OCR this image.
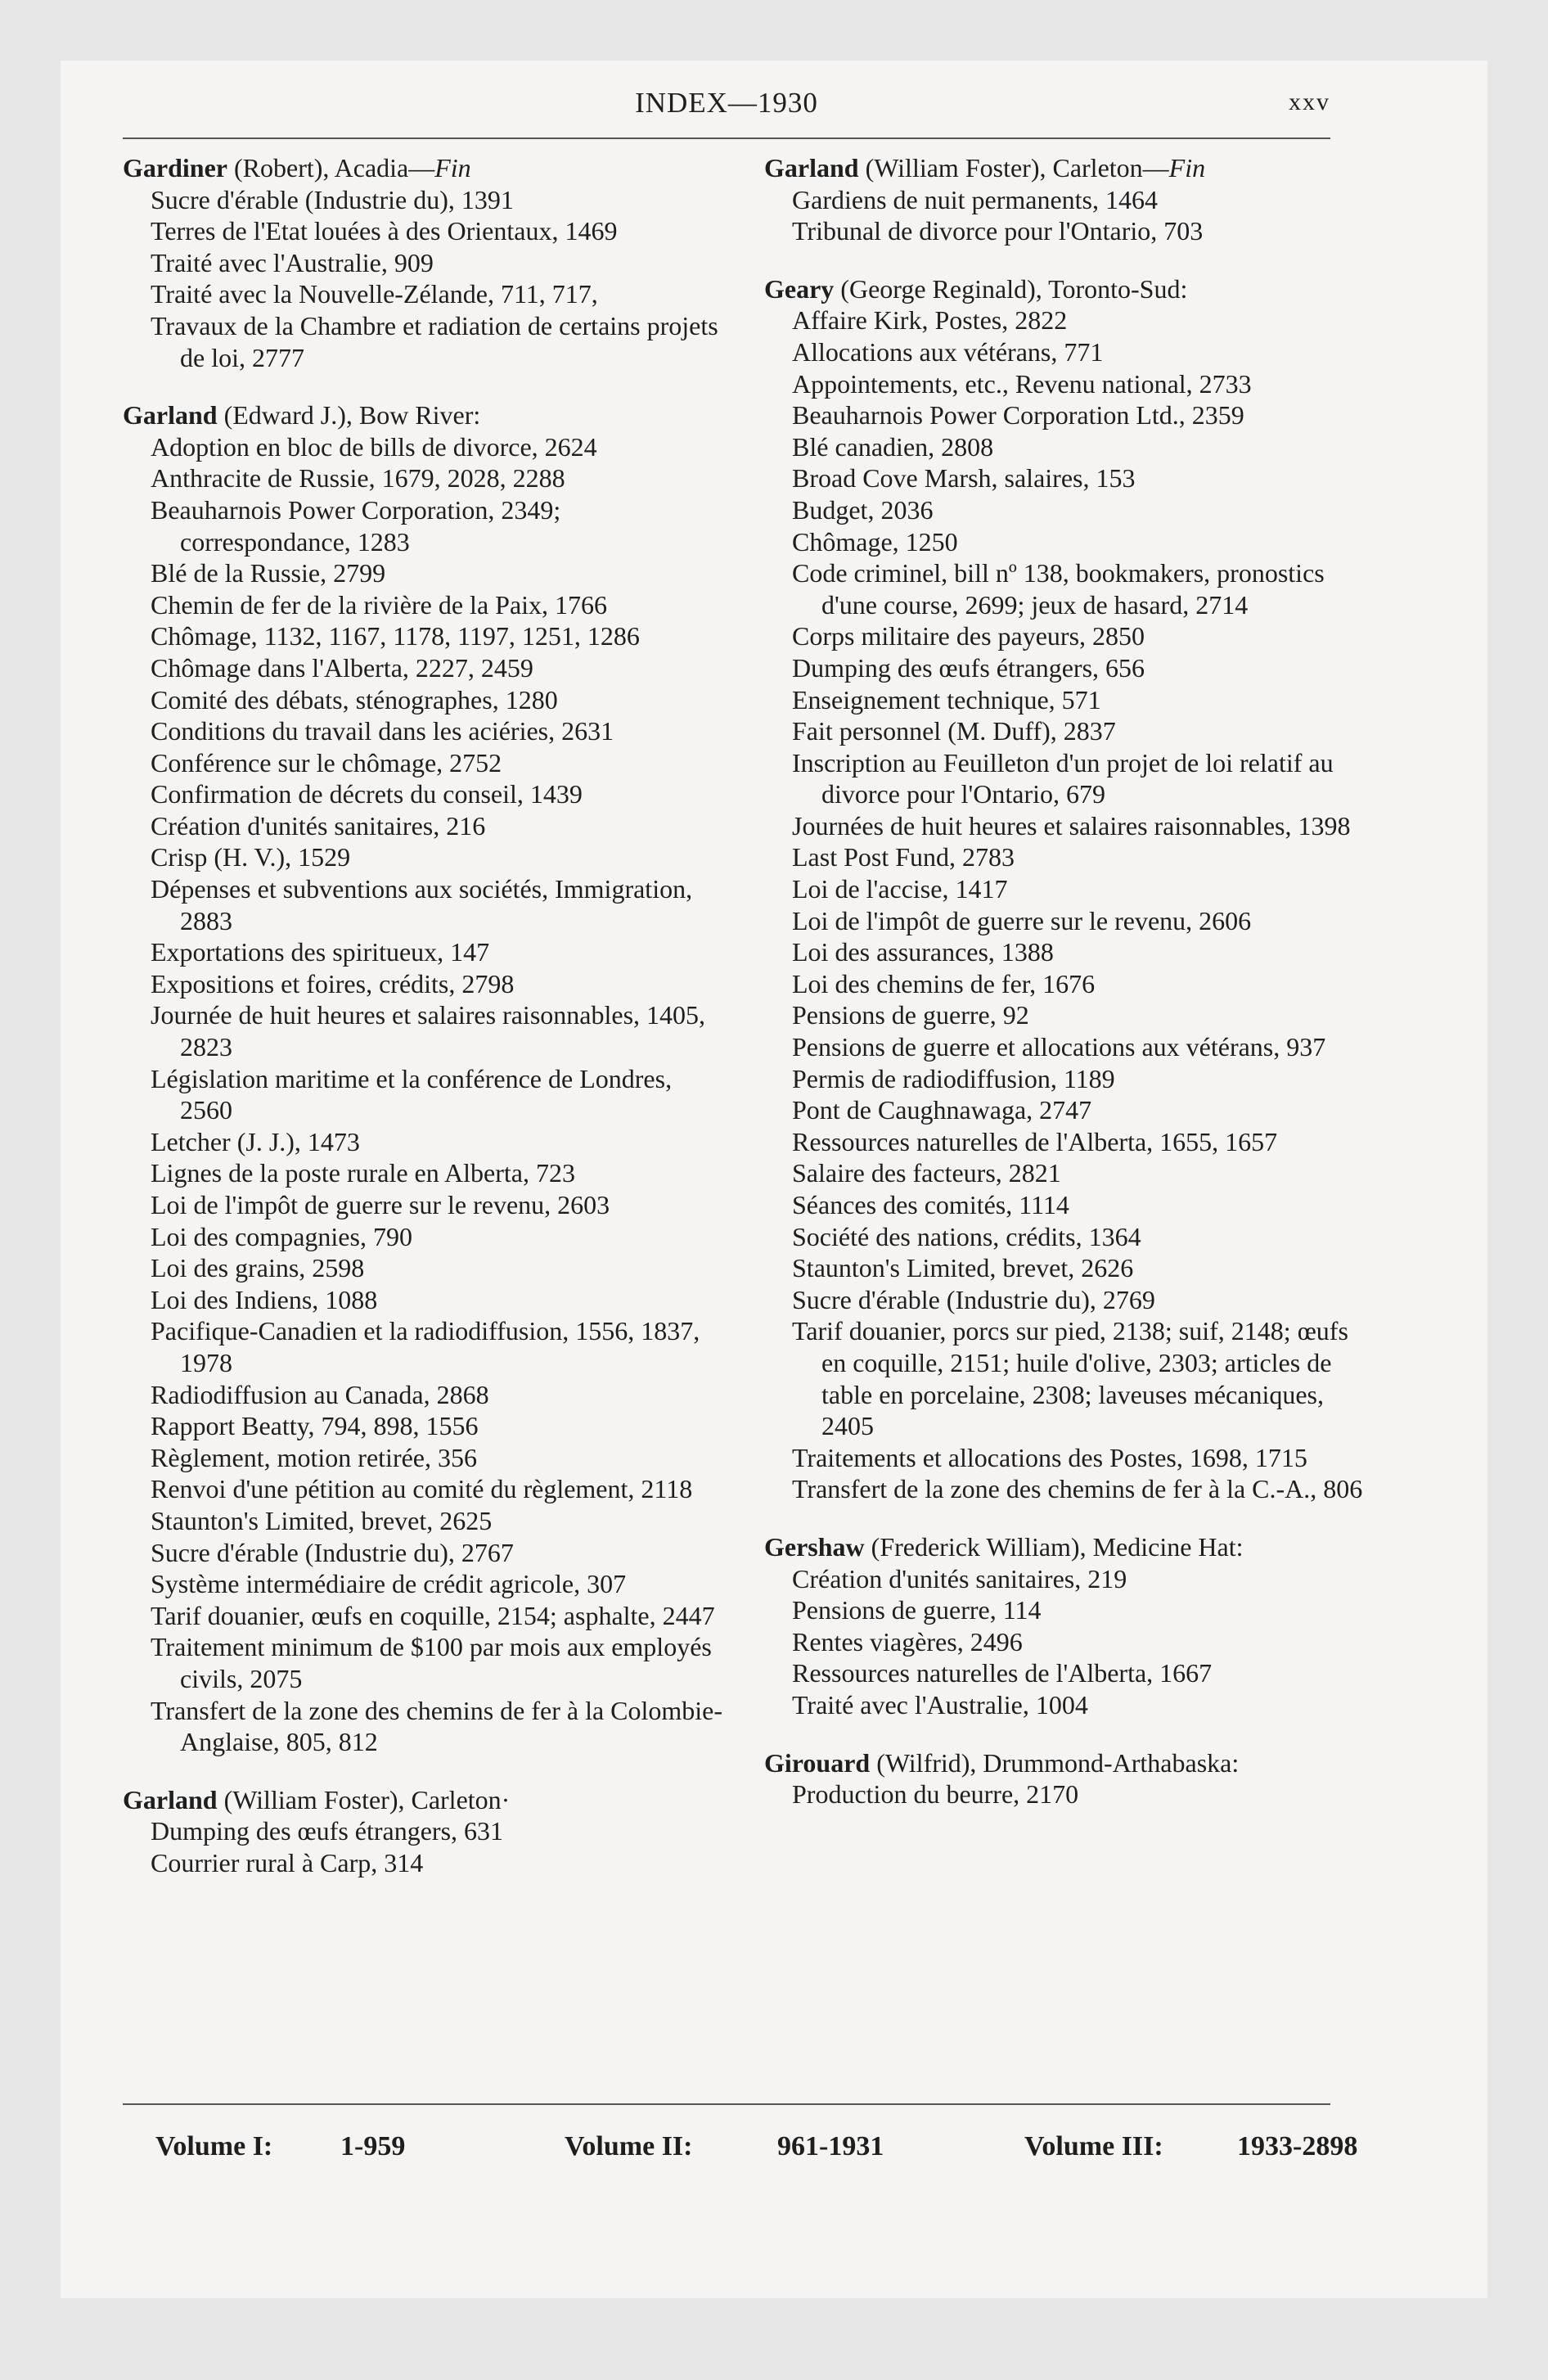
INDEX—1930	xxv

Gardiner (Robert), Acadia—Fin

Sucre d'érable (Industrie du), 1391

Terres de l'Etat louées à des Orientaux, 1469

Traité avec l'Australie, 909

Traité avec la Nouvelle-Zélande, 711, 717,

Travaux de la Chambre et radiation de certains projets de loi, 2777

Garland (Edward J.), Bow River:

Adoption en bloc de bills de divorce, 2624

Anthracite de Russie, 1679, 2028, 2288

Beauharnois Power Corporation, 2349; correspondance, 1283

Blé de la Russie, 2799

Chemin de fer de la rivière de la Paix, 1766

Chômage, 1132, 1167, 1178, 1197, 1251, 1286

Chômage dans l'Alberta, 2227, 2459

Comité des débats, sténographes, 1280

Conditions du travail dans les aciéries, 2631

Conférence sur le chômage, 2752

Confirmation de décrets du conseil, 1439

Création d'unités sanitaires, 216

Crisp (H. V.), 1529

Dépenses et subventions aux sociétés, Immigration, 2883

Exportations des spiritueux, 147

Expositions et foires, crédits, 2798

Journée de huit heures et salaires raisonnables, 1405, 2823

Législation maritime et la conférence de Londres, 2560

Letcher (J. J.), 1473

Lignes de la poste rurale en Alberta, 723

Loi de l'impôt de guerre sur le revenu, 2603

Loi des compagnies, 790

Loi des grains, 2598

Loi des Indiens, 1088

Pacifique-Canadien et la radiodiffusion, 1556, 1837, 1978

Radiodiffusion au Canada, 2868

Rapport Beatty, 794, 898, 1556

Règlement, motion retirée, 356

Renvoi d'une pétition au comité du règlement, 2118

Staunton's Limited, brevet, 2625

Sucre d'érable (Industrie du), 2767

Système intermédiaire de crédit agricole, 307

Tarif douanier, œufs en coquille, 2154; asphalte, 2447

Traitement minimum de $100 par mois aux employés civils, 2075

Transfert de la zone des chemins de fer à la Colombie-Anglaise, 805, 812

Garland (William Foster), Carleton·

Dumping des œufs étrangers, 631

Courrier rural à Carp, 314

Garland (William Foster), Carleton—Fin

Gardiens de nuit permanents, 1464

Tribunal de divorce pour l'Ontario, 703

Geary (George Reginald), Toronto-Sud:

Affaire Kirk, Postes, 2822

Allocations aux vétérans, 771

Appointements, etc., Revenu national, 2733

Beauharnois Power Corporation Ltd., 2359

Blé canadien, 2808

Broad Cove Marsh, salaires, 153

Budget, 2036

Chômage, 1250

Code criminel, bill nº 138, bookmakers, pronostics d'une course, 2699; jeux de hasard, 2714

Corps militaire des payeurs, 2850

Dumping des œufs étrangers, 656

Enseignement technique, 571

Fait personnel (M. Duff), 2837

Inscription au Feuilleton d'un projet de loi relatif au divorce pour l'Ontario, 679

Journées de huit heures et salaires raisonnables, 1398

Last Post Fund, 2783

Loi de l'accise, 1417

Loi de l'impôt de guerre sur le revenu, 2606

Loi des assurances, 1388

Loi des chemins de fer, 1676

Pensions de guerre, 92

Pensions de guerre et allocations aux vétérans, 937

Permis de radiodiffusion, 1189

Pont de Caughnawaga, 2747

Ressources naturelles de l'Alberta, 1655, 1657

Salaire des facteurs, 2821

Séances des comités, 1114

Société des nations, crédits, 1364

Staunton's Limited, brevet, 2626

Sucre d'érable (Industrie du), 2769

Tarif douanier, porcs sur pied, 2138; suif, 2148; œufs en coquille, 2151; huile d'olive, 2303; articles de table en porcelaine, 2308; laveuses mécaniques, 2405

Traitements et allocations des Postes, 1698, 1715

Transfert de la zone des chemins de fer à la C.-A., 806

Gershaw (Frederick William), Medicine Hat:

Création d'unités sanitaires, 219

Pensions de guerre, 114

Rentes viagères, 2496

Ressources naturelles de l'Alberta, 1667

Traité avec l'Australie, 1004

Girouard (Wilfrid), Drummond-Arthabaska:

Production du beurre, 2170

Volume I: 1-959	Volume II:	961-1931	Volume III:	1933-2898
